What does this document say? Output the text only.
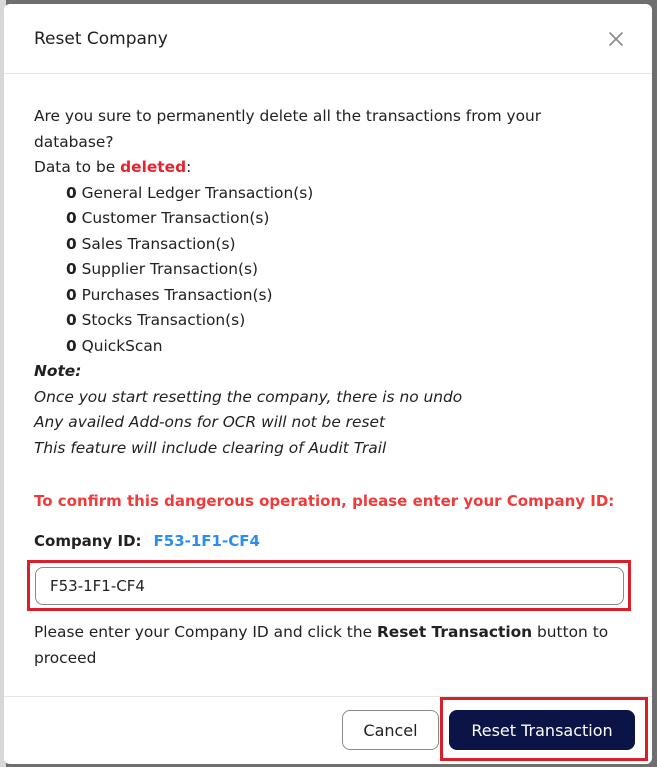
Reset Company

Are you sure to permanently delete all the transactions from your database?

Data to be deleted:

0 General Ledger Transaction(s)
0 Customer Transaction(s)
0 Sales Transaction(s)
0 Supplier Transaction(s)
0 Purchases Transaction(s)
0 Stocks Transaction(s)
0 QuickScan

Note:

Once you start resetting the company, there is no undo

Any availed Add-ons for OCR will not be reset

This feature will include clearing of Audit Trail

To confirm this dangerous operation, please enter your Company ID:

Company ID: F53-1F1-CF4
F53-1F1-CF4

Please enter your Company ID and click the Reset Transaction button to proceed

Cancel	Reset Transaction
